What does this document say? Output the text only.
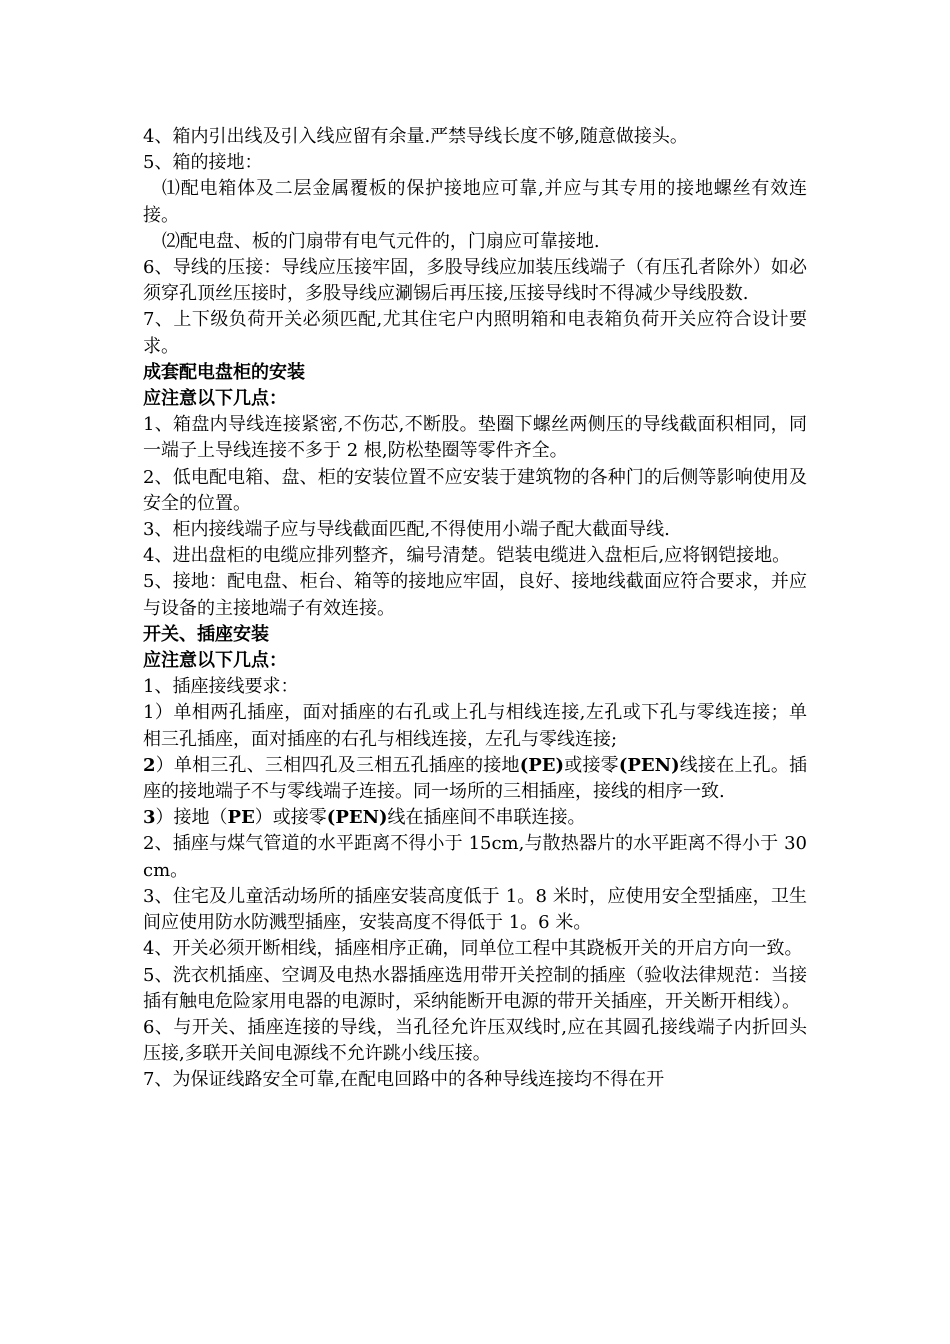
4、箱内引出线及引入线应留有余量.严禁导线长度不够,随意做接头。

5、箱的接地：

⑴配电箱体及二层金属覆板的保护接地应可靠,并应与其专用的接地螺丝有效连接。

⑵配电盘、板的门扇带有电气元件的，门扇应可靠接地.

6、导线的压接：导线应压接牢固，多股导线应加装压线端子（有压孔者除外）如必须穿孔顶丝压接时，多股导线应涮锡后再压接,压接导线时不得减少导线股数.

7、上下级负荷开关必须匹配,尤其住宅户内照明箱和电表箱负荷开关应符合设计要求。

成套配电盘柜的安装

应注意以下几点：

1、箱盘内导线连接紧密,不伤芯,不断股。垫圈下螺丝两侧压的导线截面积相同，同一端子上导线连接不多于 2 根,防松垫圈等零件齐全。

2、低电配电箱、盘、柜的安装位置不应安装于建筑物的各种门的后侧等影响使用及安全的位置。

3、柜内接线端子应与导线截面匹配,不得使用小端子配大截面导线.

4、进出盘柜的电缆应排列整齐，编号清楚。铠装电缆进入盘柜后,应将钢铠接地。

5、接地：配电盘、柜台、箱等的接地应牢固，良好、接地线截面应符合要求，并应与设备的主接地端子有效连接。

开关、插座安装

应注意以下几点：

1、插座接线要求：

1）单相两孔插座，面对插座的右孔或上孔与相线连接,左孔或下孔与零线连接；单相三孔插座，面对插座的右孔与相线连接，左孔与零线连接;

2）单相三孔、三相四孔及三相五孔插座的接地(PE)或接零(PEN)线接在上孔。插座的接地端子不与零线端子连接。同一场所的三相插座，接线的相序一致.

3）接地（PE）或接零(PEN)线在插座间不串联连接。

2、插座与煤气管道的水平距离不得小于 15cm,与散热器片的水平距离不得小于 30cm。

3、住宅及儿童活动场所的插座安装高度低于 1。8 米时，应使用安全型插座，卫生间应使用防水防溅型插座，安装高度不得低于 1。6 米。

4、开关必须开断相线，插座相序正确，同单位工程中其跷板开关的开启方向一致。

5、洗衣机插座、空调及电热水器插座选用带开关控制的插座（验收法律规范：当接插有触电危险家用电器的电源时，采纳能断开电源的带开关插座，开关断开相线）。

6、与开关、插座连接的导线，当孔径允许压双线时,应在其圆孔接线端子内折回头压接,多联开关间电源线不允许跳小线压接。

7、为保证线路安全可靠,在配电回路中的各种导线连接均不得在开
